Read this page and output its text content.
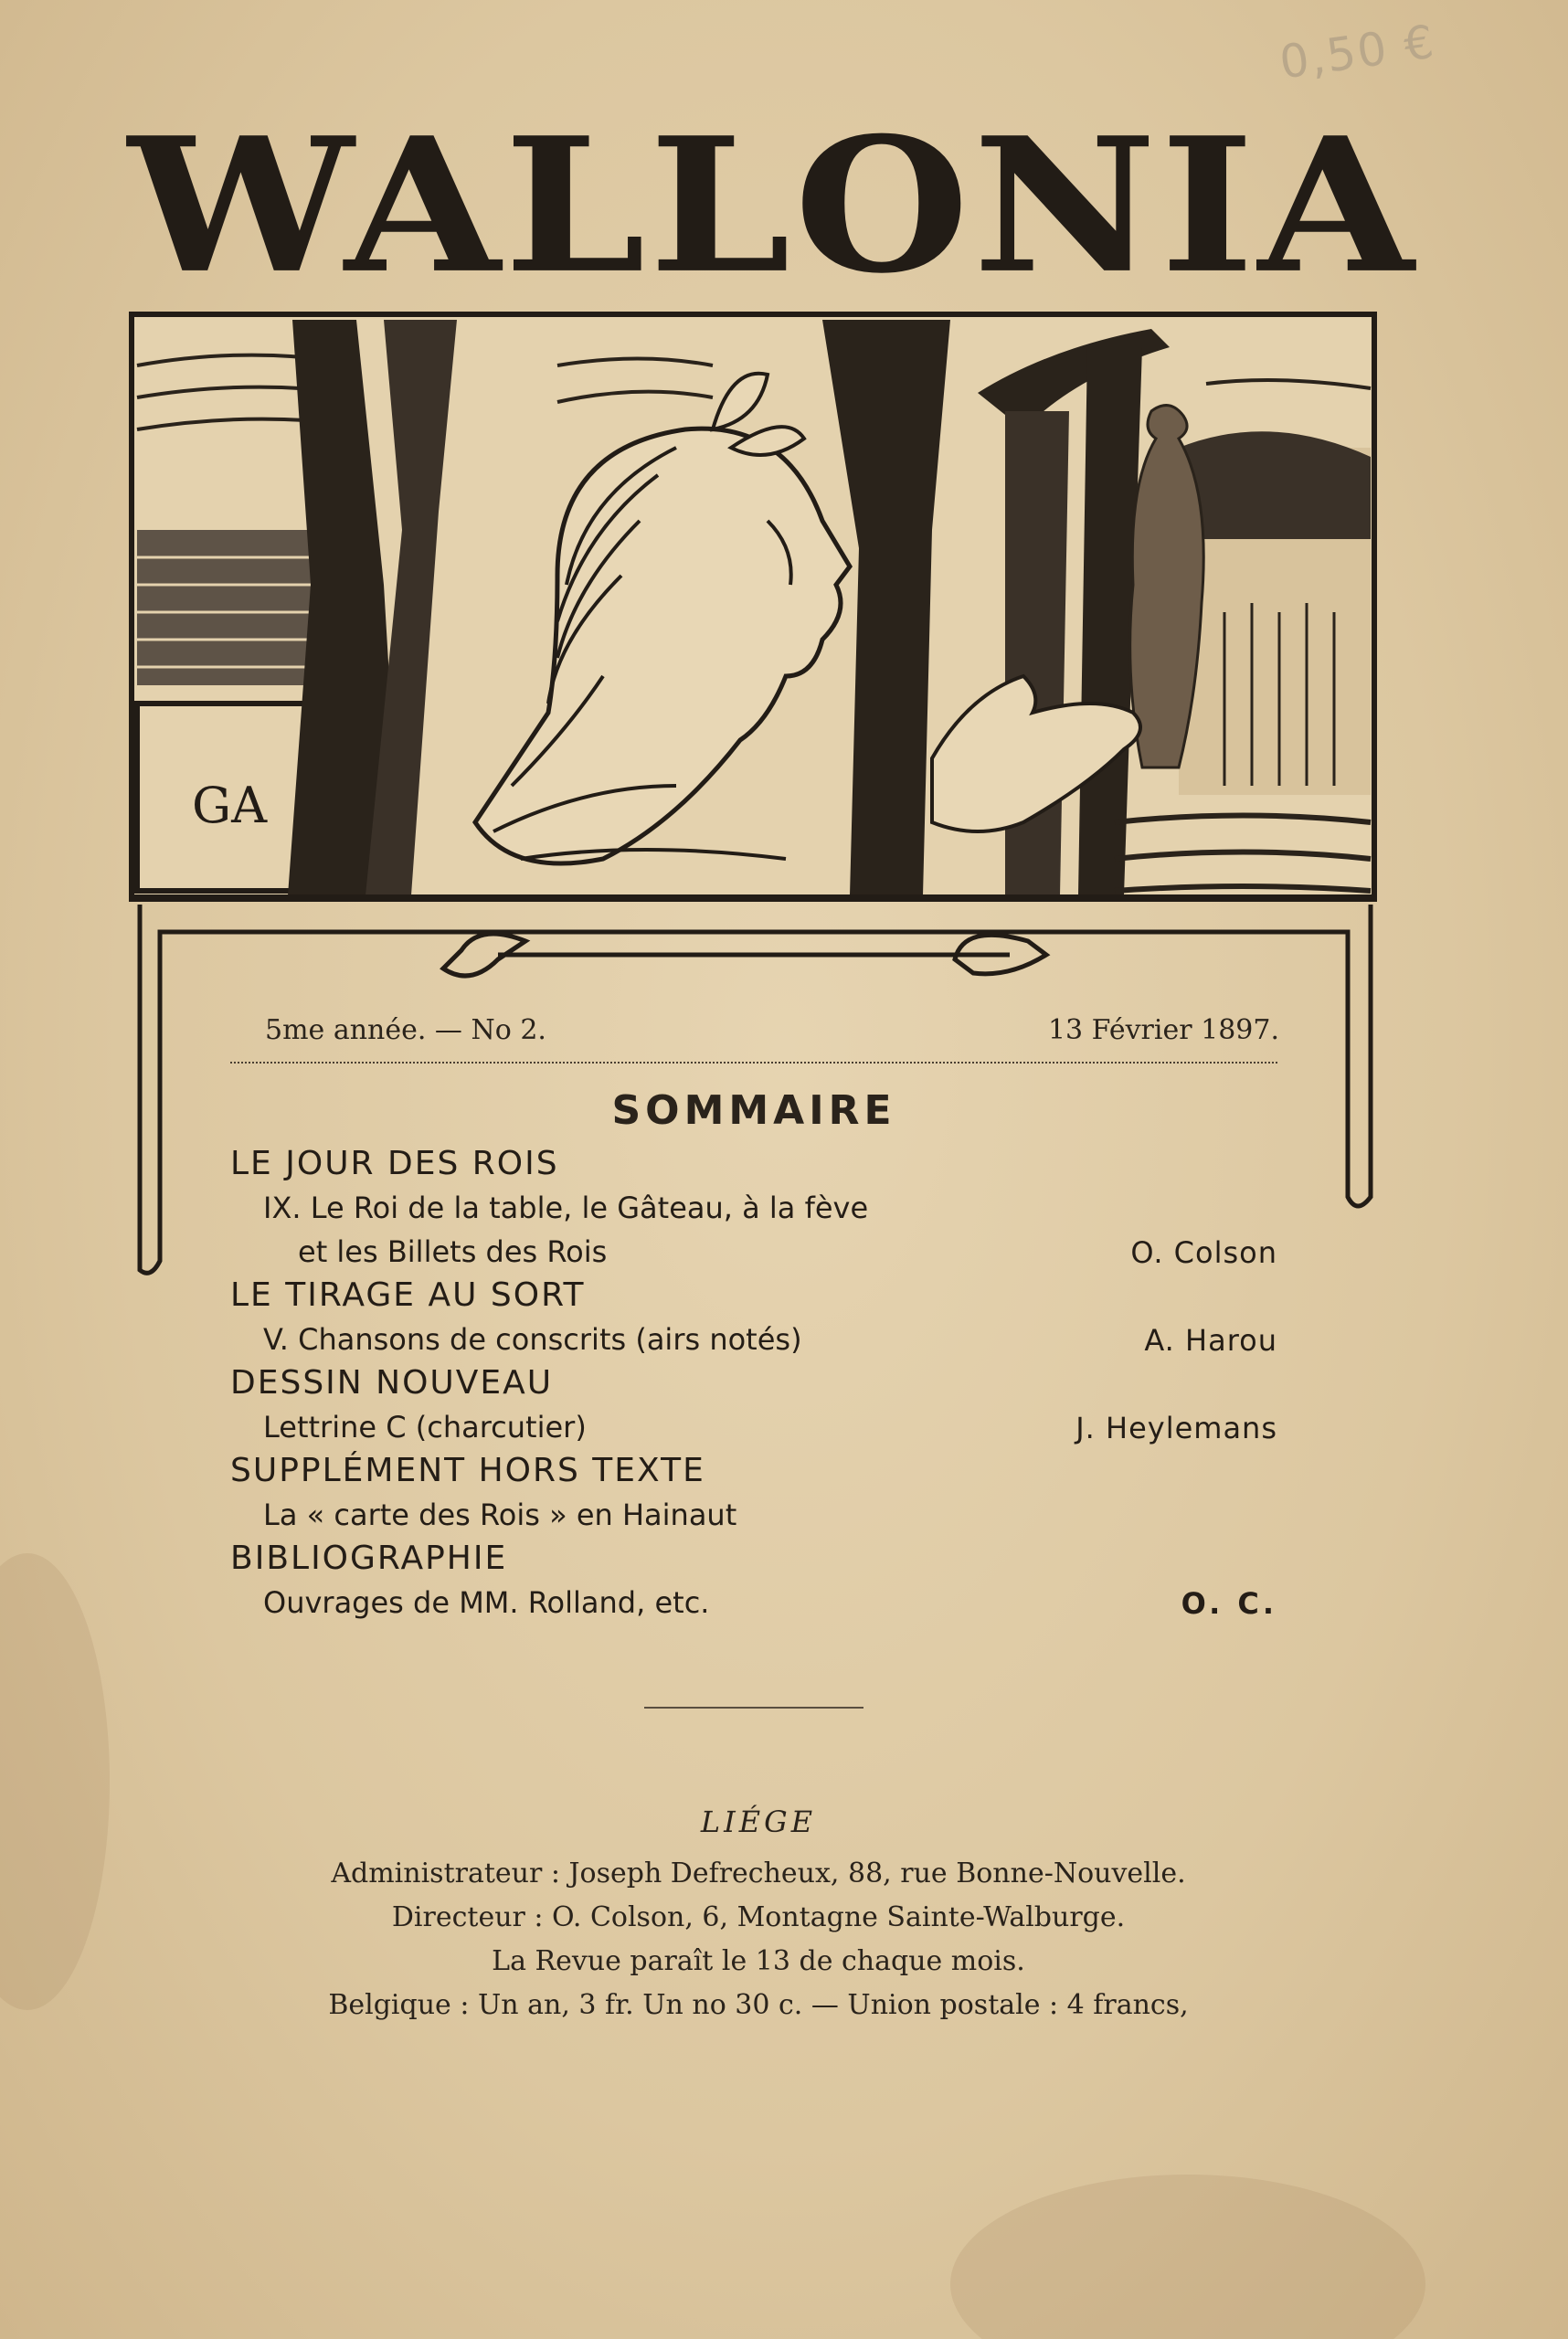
0,50 €
WALLONIA
GA
5me année. — No 2.	13 Février 1897.
SOMMAIRE
LE JOUR DES ROIS
IX. Le Roi de la table, le Gâteau, à la fève
et les Billets des Rois	O. Colson
LE TIRAGE AU SORT
V. Chansons de conscrits (airs notés)	A. Harou
DESSIN NOUVEAU
Lettrine C (charcutier)	J. Heylemans
SUPPLÉMENT HORS TEXTE
La « carte des Rois » en Hainaut
BIBLIOGRAPHIE
Ouvrages de MM. Rolland, etc.	O. C.
LIÉGE
Administrateur : Joseph Defrecheux, 88, rue Bonne-Nouvelle.
Directeur : O. Colson, 6, Montagne Sainte-Walburge.
La Revue paraît le 13 de chaque mois.
Belgique : Un an, 3 fr. Un no 30 c. — Union postale : 4 francs,
